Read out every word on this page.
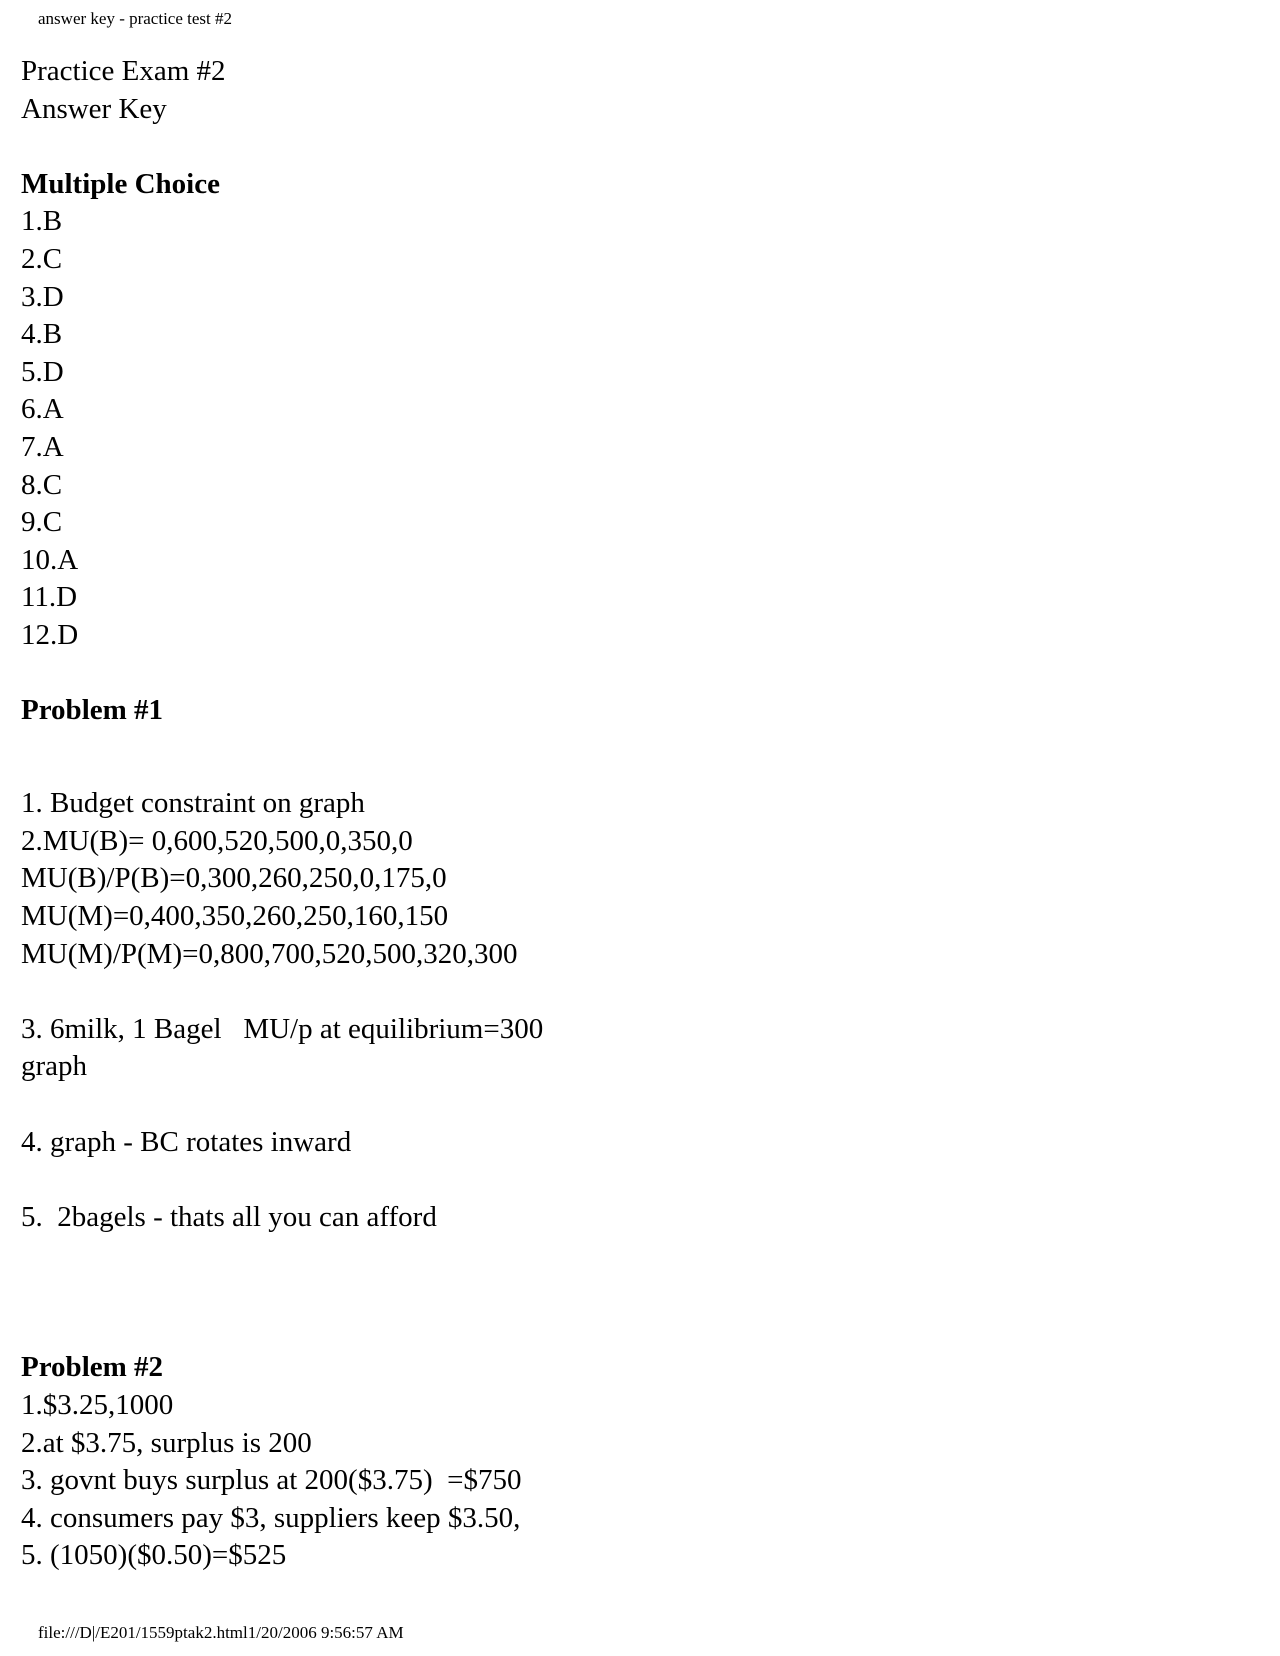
answer key - practice test #2
Practice Exam #2
Answer Key
Multiple Choice
1.B
2.C
3.D
4.B
5.D
6.A
7.A
8.C
9.C
10.A
11.D
12.D
Problem #1
1. Budget constraint on graph
2.MU(B)= 0,600,520,500,0,350,0
MU(B)/P(B)=0,300,260,250,0,175,0
MU(M)=0,400,350,260,250,160,150
MU(M)/P(M)=0,800,700,520,500,320,300
3. 6milk, 1 Bagel   MU/p at equilibrium=300
graph
4. graph - BC rotates inward
5.  2bagels - thats all you can afford
Problem #2
1.$3.25,1000
2.at $3.75, surplus is 200
3. govnt buys surplus at 200($3.75)  =$750
4. consumers pay $3, suppliers keep $3.50,
5. (1050)($0.50)=$525
file:///D|/E201/1559ptak2.html1/20/2006 9:56:57 AM
